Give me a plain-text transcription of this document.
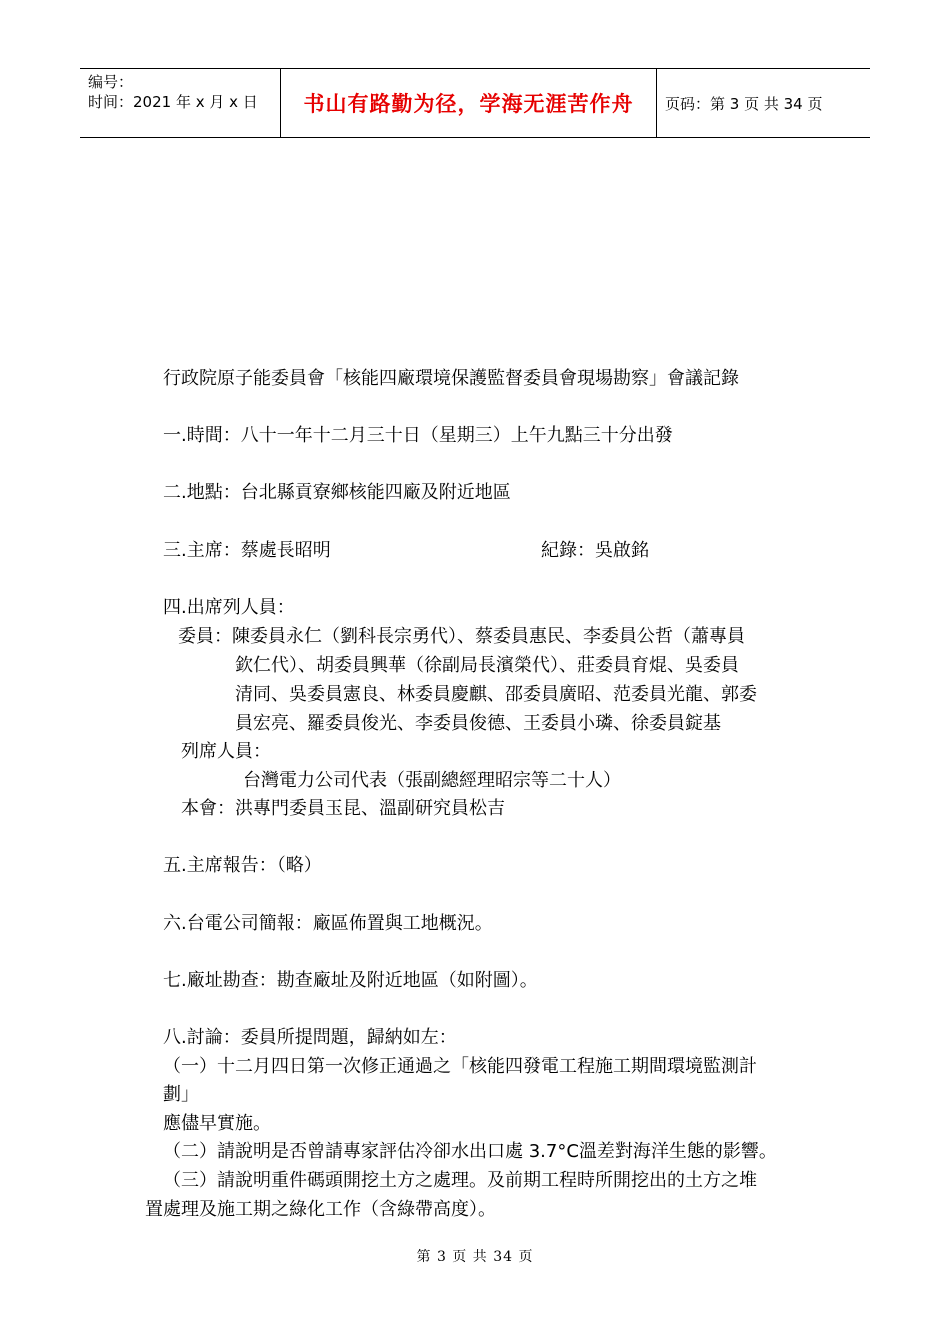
编号：
时间：2021 年 x 月 x 日	书山有路勤为径，学海无涯苦作舟 页码：第 3 页 共 34 页
行政院原子能委員會「核能四廠環境保護監督委員會現場勘察」會議記錄
一.時間：八十一年十二月三十日（星期三）上午九點三十分出發
二.地點：台北縣貢寮鄉核能四廠及附近地區
三.主席：蔡處長昭明	紀錄：吳啟銘
四.出席列人員：
委員：陳委員永仁（劉科長宗勇代）、蔡委員惠民、李委員公哲（蕭專員
欽仁代）、胡委員興華（徐副局長濱榮代）、莊委員育焜、吳委員
清同、吳委員憲良、林委員慶麒、邵委員廣昭、范委員光龍、郭委
員宏亮、羅委員俊光、李委員俊德、王委員小璘、徐委員錠基
列席人員：
台灣電力公司代表（張副總經理昭宗等二十人）
本會：洪專門委員玉昆、溫副研究員松吉
五.主席報告：（略）
六.台電公司簡報：廠區佈置與工地概況。
七.廠址勘查：勘查廠址及附近地區（如附圖）。
八.討論：委員所提問題，歸納如左：
（一）十二月四日第一次修正通過之「核能四發電工程施工期間環境監測計
劃」
應儘早實施。
（二）請說明是否曾請專家評估冷卻水出口處 3.7°C溫差對海洋生態的影響。
（三）請說明重件碼頭開挖土方之處理。及前期工程時所開挖出的土方之堆
置處理及施工期之綠化工作（含綠帶高度）。
第 3 页 共 34 页
